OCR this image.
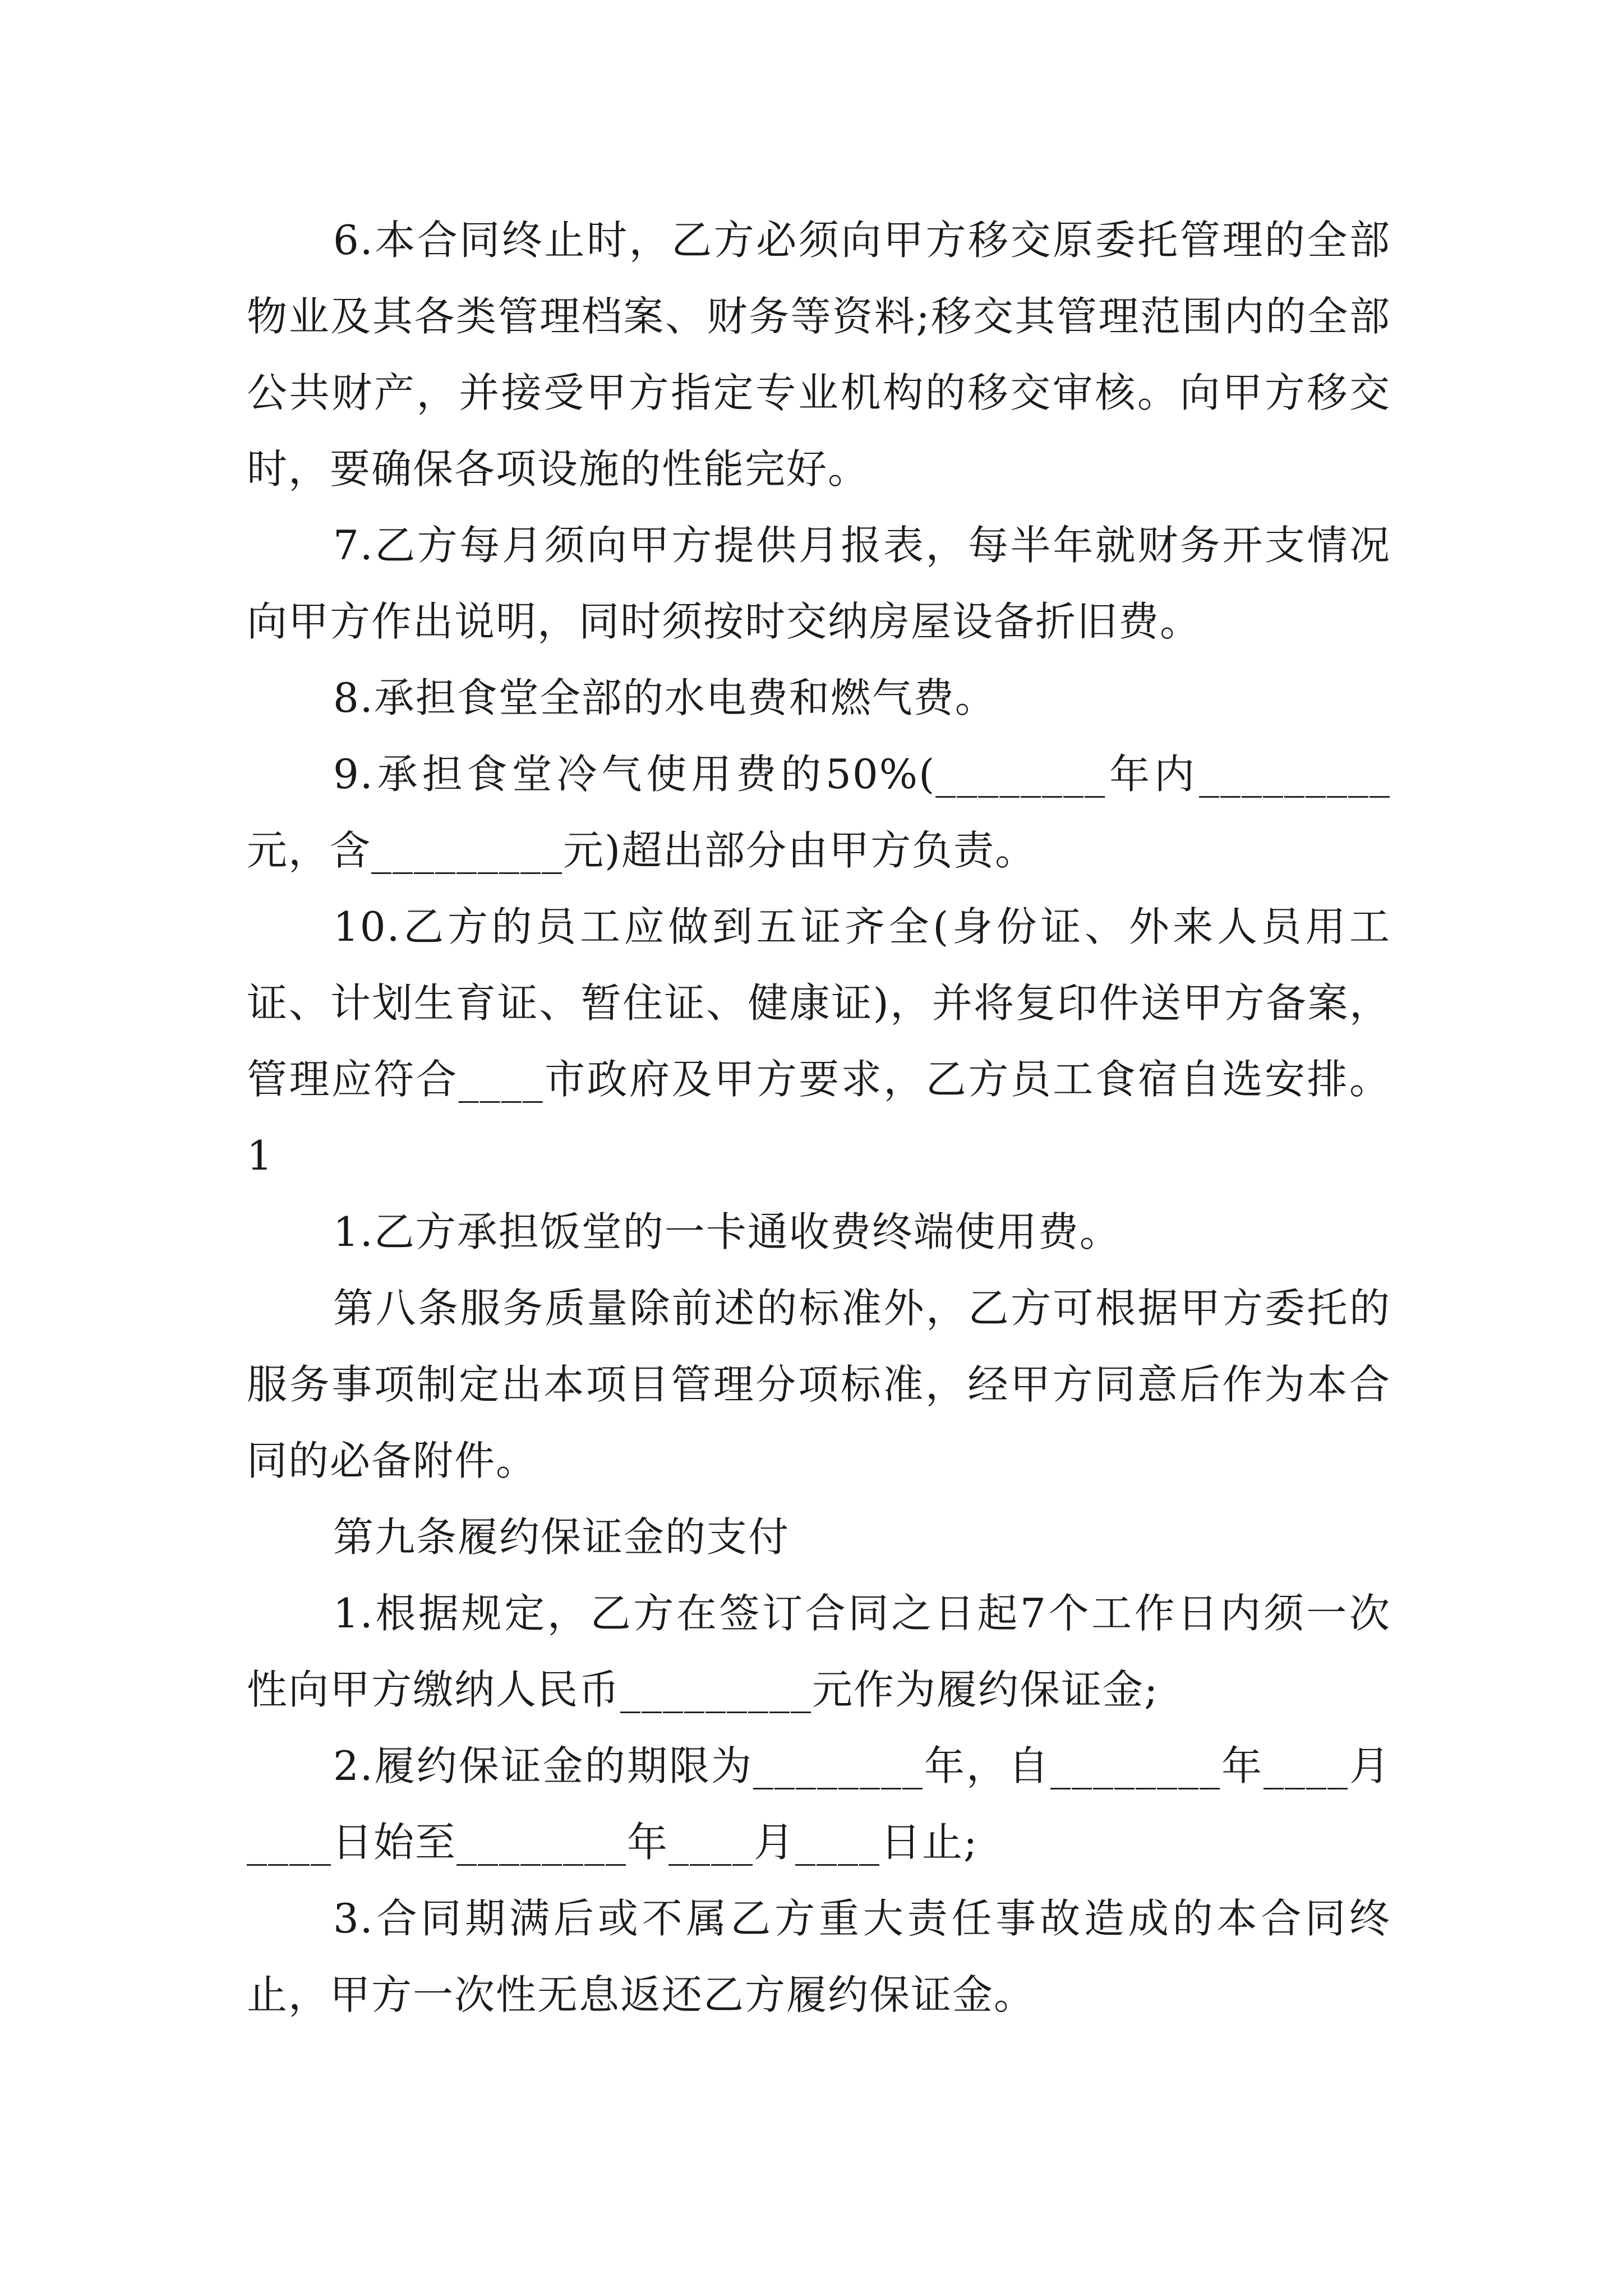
6.本合同终止时，乙方必须向甲方移交原委托管理的全部物业及其各类管理档案、财务等资料;移交其管理范围内的全部公共财产，并接受甲方指定专业机构的移交审核。向甲方移交时，要确保各项设施的性能完好。

7.乙方每月须向甲方提供月报表，每半年就财务开支情况向甲方作出说明，同时须按时交纳房屋设备折旧费。

8.承担食堂全部的水电费和燃气费。

9.承担食堂冷气使用费的50%(________年内_________元，含_________元)超出部分由甲方负责。

10.乙方的员工应做到五证齐全(身份证、外来人员用工证、计划生育证、暂住证、健康证)，并将复印件送甲方备案，管理应符合____市政府及甲方要求，乙方员工食宿自选安排。1

1.乙方承担饭堂的一卡通收费终端使用费。

第八条服务质量除前述的标准外，乙方可根据甲方委托的服务事项制定出本项目管理分项标准，经甲方同意后作为本合同的必备附件。

第九条履约保证金的支付

1.根据规定，乙方在签订合同之日起7个工作日内须一次性向甲方缴纳人民币_________元作为履约保证金;

2.履约保证金的期限为________年，自________年____月____日始至________年____月____日止;

3.合同期满后或不属乙方重大责任事故造成的本合同终止，甲方一次性无息返还乙方履约保证金。
